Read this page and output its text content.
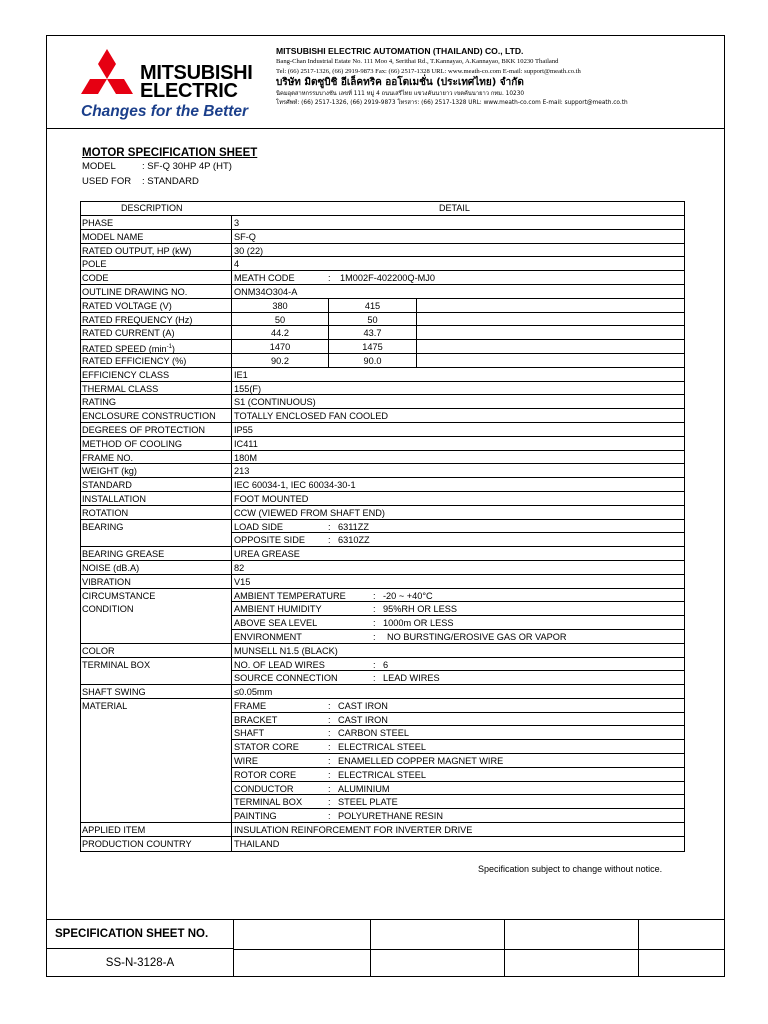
MITSUBISHI
ELECTRIC
Changes for the Better
MITSUBISHI ELECTRIC AUTOMATION (THAILAND) CO., LTD.
Bang-Chan Industrial Estate No. 111 Moo 4, Serithai Rd., T.Kannayao, A.Kannayao, BKK 10230 Thailand
Tel: (66) 2517-1326, (66) 2919-9873 Fax: (66) 2517-1328 URL: www.meath-co.com E-mail: support@meath.co.th
บริษัท มิตซูบิชิ อีเล็คทริค ออโตเมชั่น (ประเทศไทย) จำกัด
นิคมอุตสาหกรรมบางชัน เลขที่ 111 หมู่ 4 ถนนเสรีไทย แขวงคันนายาว เขตคันนายาว กทม. 10230
โทรศัพท์: (66) 2517-1326, (66) 2919-9873 โทรสาร: (66) 2517-1328 URL: www.meath-co.com E-mail: support@meath.co.th
MOTOR SPECIFICATION SHEET
MODEL	: SF-Q 30HP 4P (HT)
USED FOR : STANDARD
DESCRIPTION	DETAIL
PHASE	3
MODEL NAME	SF-Q
RATED OUTPUT, HP (kW)	30 (22)
POLE	4
CODE	MEATH CODE	: 1M002F-402200Q-MJ0
OUTLINE DRAWING NO.	ONM34O304-A
RATED VOLTAGE (V)	380	415
RATED FREQUENCY (Hz)	50	50
RATED CURRENT (A)	44.2	43.7
RATED SPEED $(\min^{-1})$	1470	1475
RATED EFFICIENCY (%)	90.2	90.0
EFFICIENCY CLASS	IE1
THERMAL CLASS	155(F)
RATING	S1 (CONTINUOUS)
ENCLOSURE CONSTRUCTION	TOTALLY ENCLOSED FAN COOLED
DEGREES OF PROTECTION	IP55
METHOD OF COOLING	IC411
FRAME NO.	180M
WEIGHT (kg)	213
STANDARD	IEC 60034-1, IEC 60034-30-1
INSTALLATION	FOOT MOUNTED
ROTATION	CCW (VIEWED FROM SHAFT END)
BEARING	LOAD SIDE	: 6311ZZ
OPPOSITE SIDE	: 6310ZZ
BEARING GREASE	UREA GREASE
NOISE (dB.A)	82
VIBRATION	V15
CIRCUMSTANCE	AMBIENT TEMPERATURE	: -20 ~ +40°C
CONDITION	AMBIENT HUMIDITY	: 95%RH OR LESS
ABOVE SEA LEVEL	: 1000m OR LESS
ENVIRONMENT	: NO BURSTING/EROSIVE GAS OR VAPOR
COLOR	MUNSELL N1.5 (BLACK)
TERMINAL BOX	NO. OF LEAD WIRES	: 6
SOURCE CONNECTION	: LEAD WIRES
SHAFT SWING	≤0.05mm
MATERIAL	FRAME	: CAST IRON
BRACKET	: CAST IRON
SHAFT	: CARBON STEEL
STATOR CORE	: ELECTRICAL STEEL
WIRE	: ENAMELLED COPPER MAGNET WIRE
ROTOR CORE	: ELECTRICAL STEEL
CONDUCTOR	: ALUMINIUM
TERMINAL BOX	: STEEL PLATE
PAINTING	: POLYURETHANE RESIN
APPLIED ITEM	INSULATION REINFORCEMENT FOR INVERTER DRIVE
PRODUCTION COUNTRY	THAILAND
Specification subject to change without notice.
SPECIFICATION SHEET NO.
SS-N-3128-A
